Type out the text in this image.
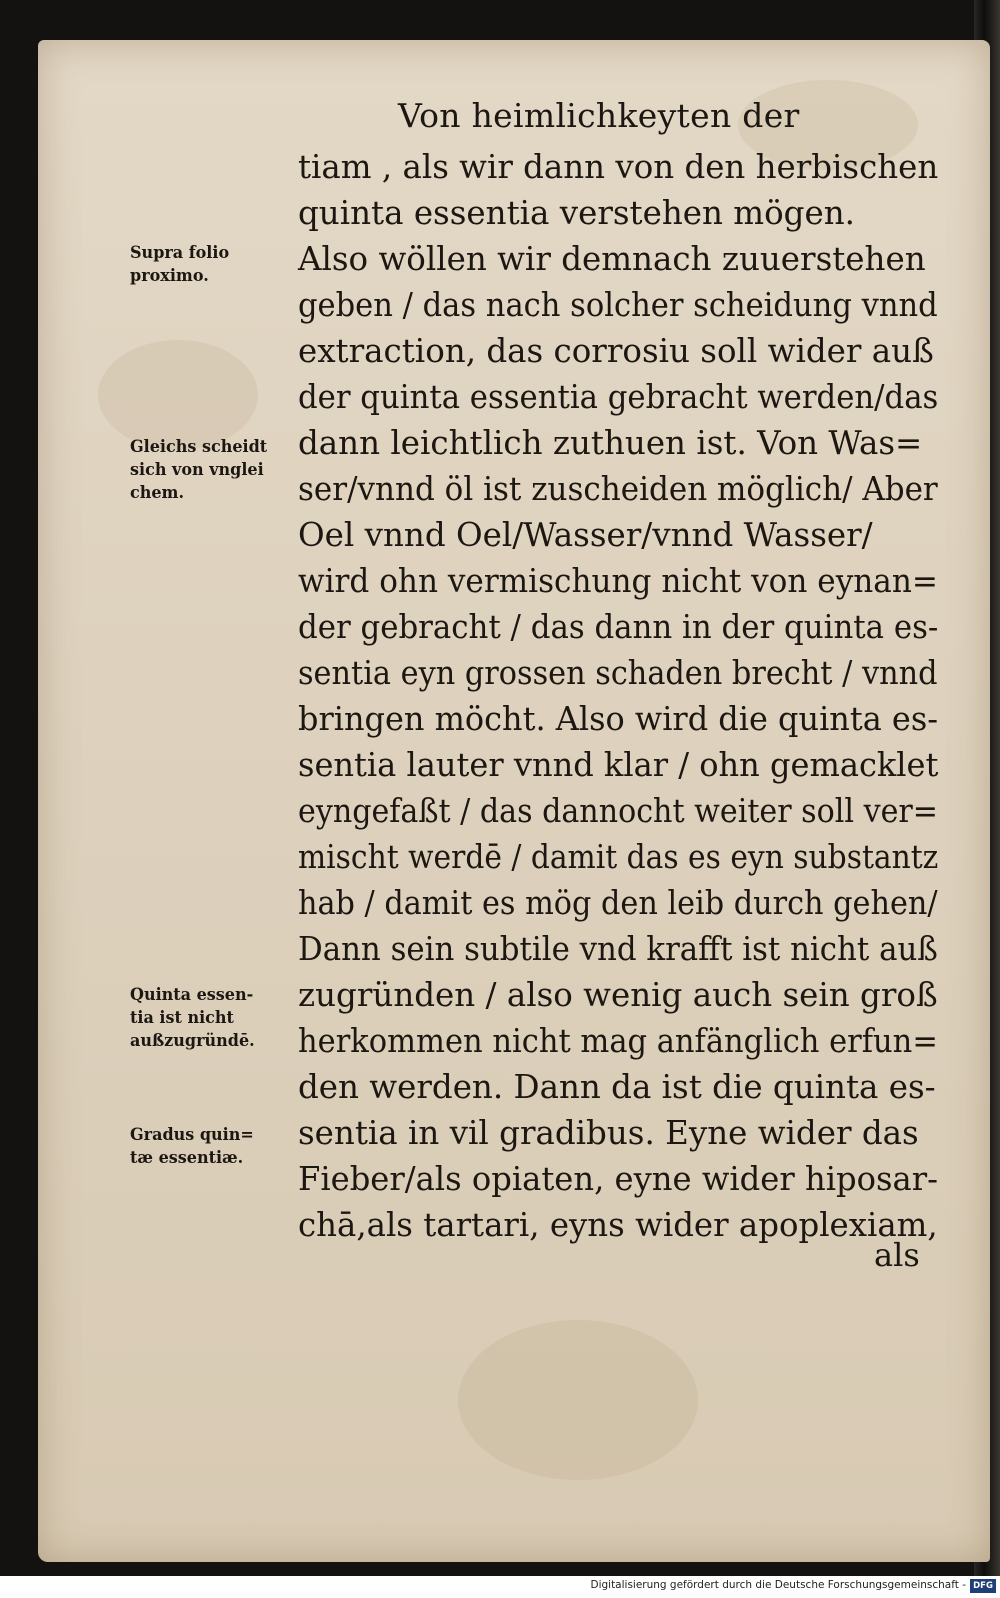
Von heimlichkeyten der
tiam , als wir dann von den herbischen
quinta essentia verstehen mögen.
Also wöllen wir demnach zuuerstehen
geben / das nach solcher scheidung vnnd
extraction, das corrosiu soll wider auß
der quinta essentia gebracht werden/das
dann leichtlich zuthuen ist. Von Was=
ser/vnnd öl ist zuscheiden möglich/ Aber
Oel vnnd Oel/Wasser/vnnd Wasser/
wird ohn vermischung nicht von eynan=
der gebracht / das dann in der quinta es-
sentia eyn grossen schaden brecht / vnnd
bringen möcht. Also wird die quinta es-
sentia lauter vnnd klar / ohn gemacklet
eyngefaßt / das dannocht weiter soll ver=
mischt werdē / damit das es eyn substantz
hab / damit es mög den leib durch gehen/
Dann sein subtile vnd krafft ist nicht auß
zugründen / also wenig auch sein groß
herkommen nicht mag anfänglich erfun=
den werden. Dann da ist die quinta es-
sentia in vil gradibus. Eyne wider das
Fieber/als opiaten, eyne wider hiposar-
chā,als tartari, eyns wider apoplexiam,
als
Supra folio
proximo.
Gleichs scheidt
sich von vnglei
chem.
Quinta essen-
tia ist nicht
außzugründē.
Gradus quin=
tæ essentiæ.
Digitalisierung gefördert durch die Deutsche Forschungsgemeinschaft - DFG
